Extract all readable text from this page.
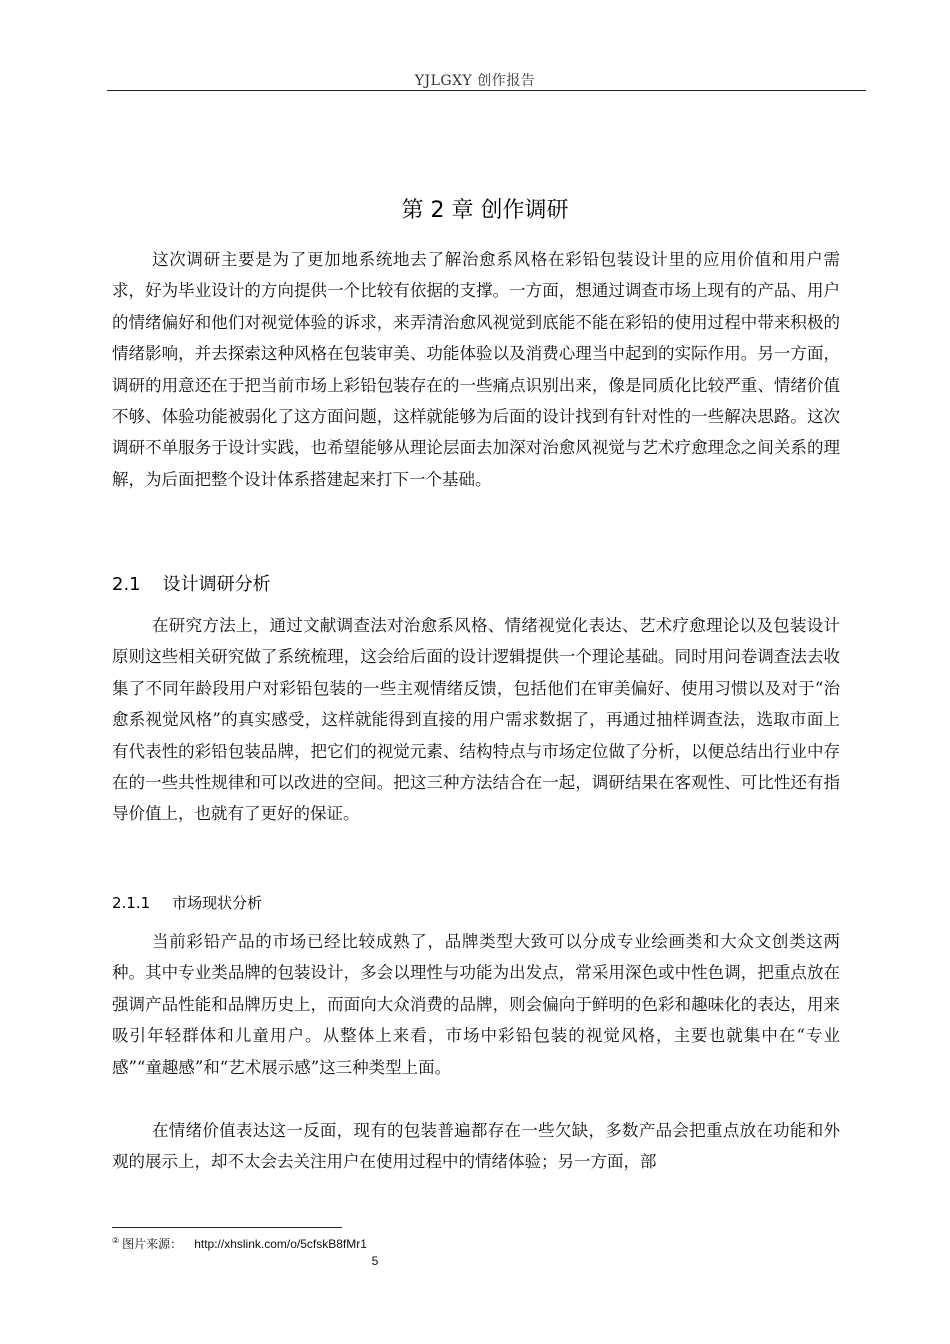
YJLGXY 创作报告
第 2 章 创作调研

这次调研主要是为了更加地系统地去了解治愈系风格在彩铅包装设计里的应用价值和用户需求，好为毕业设计的方向提供一个比较有依据的支撑。一方面，想通过调查市场上现有的产品、用户的情绪偏好和他们对视觉体验的诉求，来弄清治愈风视觉到底能不能在彩铅的使用过程中带来积极的情绪影响，并去探索这种风格在包装审美、功能体验以及消费心理当中起到的实际作用。另一方面，调研的用意还在于把当前市场上彩铅包装存在的一些痛点识别出来，像是同质化比较严重、情绪价值不够、体验功能被弱化了这方面问题，这样就能够为后面的设计找到有针对性的一些解决思路。这次调研不单服务于设计实践，也希望能够从理论层面去加深对治愈风视觉与艺术疗愈理念之间关系的理解，为后面把整个设计体系搭建起来打下一个基础。

2.1 设计调研分析

在研究方法上，通过文献调查法对治愈系风格、情绪视觉化表达、艺术疗愈理论以及包装设计原则这些相关研究做了系统梳理，这会给后面的设计逻辑提供一个理论基础。同时用问卷调查法去收集了不同年龄段用户对彩铅包装的一些主观情绪反馈，包括他们在审美偏好、使用习惯以及对于“治愈系视觉风格”的真实感受，这样就能得到直接的用户需求数据了，再通过抽样调查法，选取市面上有代表性的彩铅包装品牌，把它们的视觉元素、结构特点与市场定位做了分析，以便总结出行业中存在的一些共性规律和可以改进的空间。把这三种方法结合在一起，调研结果在客观性、可比性还有指导价值上，也就有了更好的保证。

2.1.1 市场现状分析

当前彩铅产品的市场已经比较成熟了，品牌类型大致可以分成专业绘画类和大众文创类这两种。其中专业类品牌的包装设计，多会以理性与功能为出发点，常采用深色或中性色调，把重点放在强调产品性能和品牌历史上，而面向大众消费的品牌，则会偏向于鲜明的色彩和趣味化的表达，用来吸引年轻群体和儿童用户。从整体上来看，市场中彩铅包装的视觉风格，主要也就集中在“专业感”“童趣感”和“艺术展示感”这三种类型上面。

在情绪价值表达这一反面，现有的包装普遍都存在一些欠缺，多数产品会把重点放在功能和外观的展示上，却不太会去关注用户在使用过程中的情绪体验；另一方面，部

② 图片来源： http://xhslink.com/o/5cfskB8fMr1
5
